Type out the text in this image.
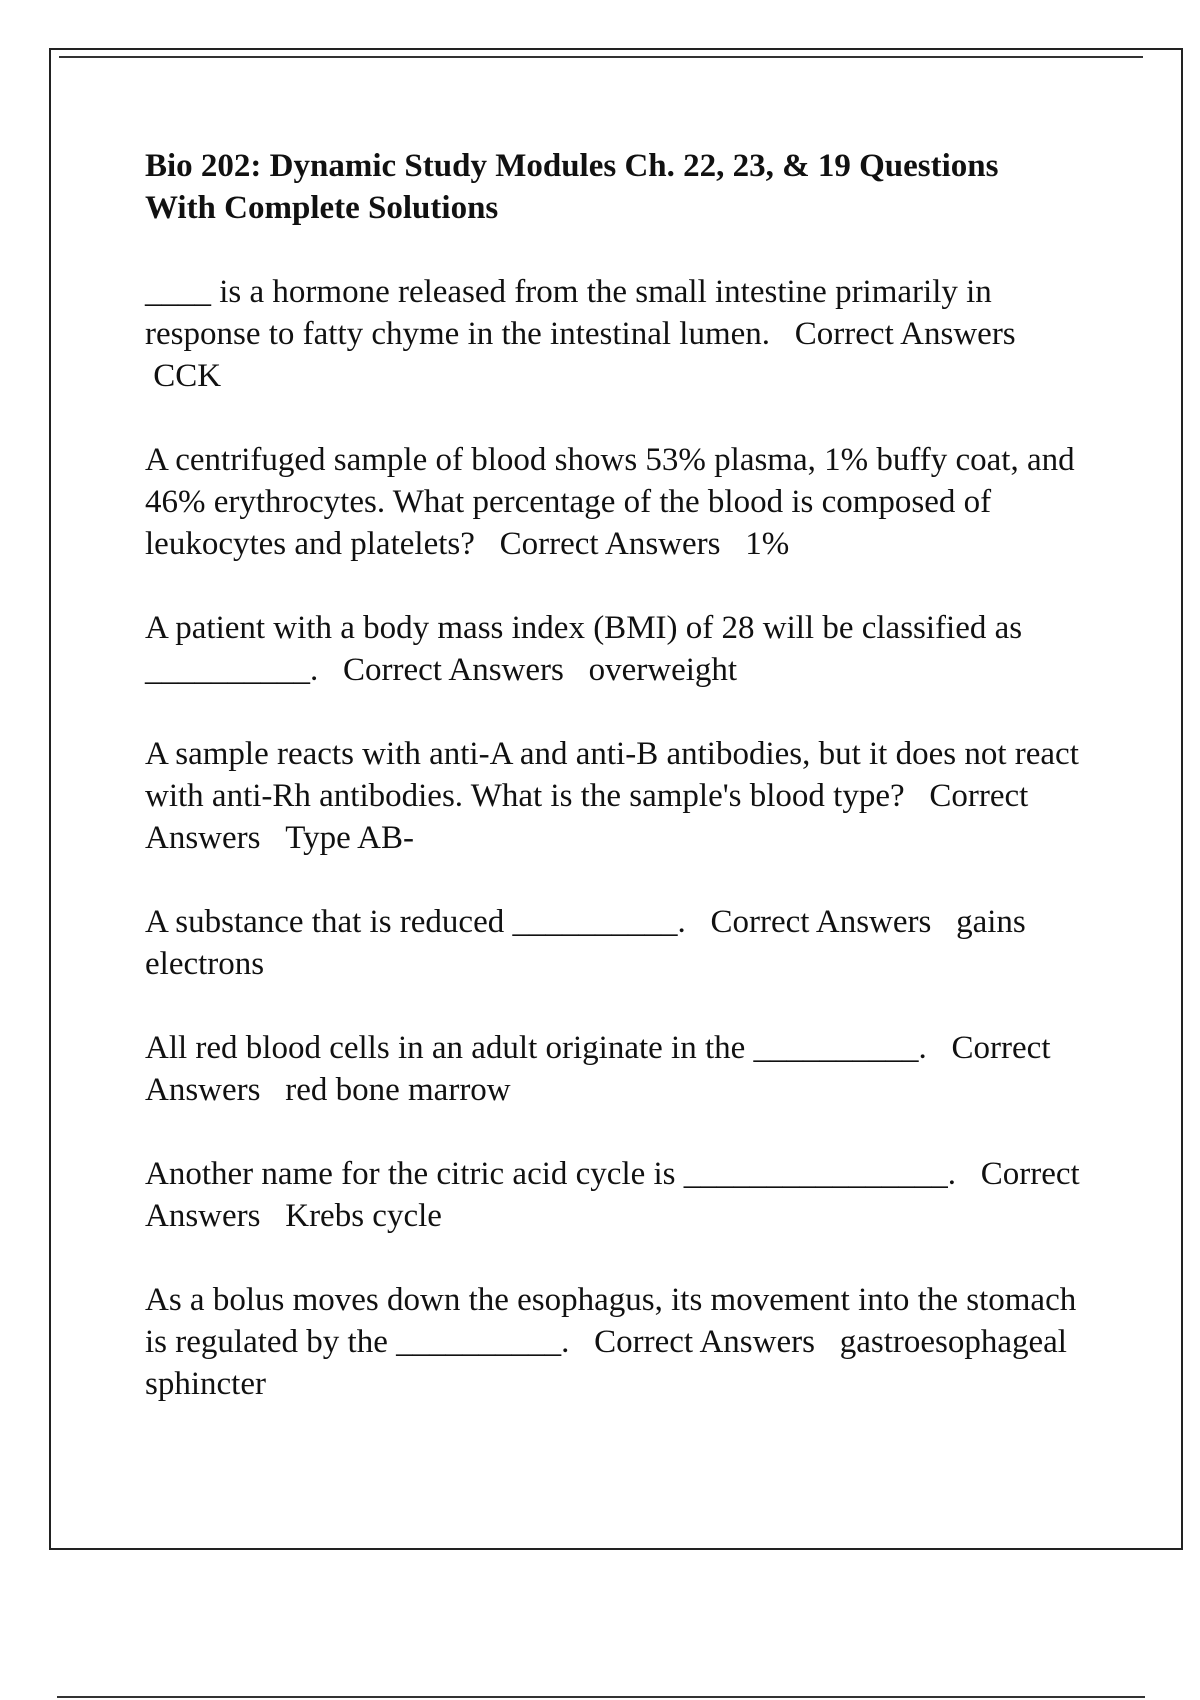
Bio 202: Dynamic Study Modules Ch. 22, 23, & 19 Questions
With Complete Solutions

____ is a hormone released from the small intestine primarily in response to fatty chyme in the intestinal lumen. Correct Answers  CCK

A centrifuged sample of blood shows 53% plasma, 1% buffy coat, and 46% erythrocytes. What percentage of the blood is composed of leukocytes and platelets? Correct Answers 1%

A patient with a body mass index (BMI) of 28 will be classified as __________. Correct Answers overweight

A sample reacts with anti-A and anti-B antibodies, but it does not react with anti-Rh antibodies. What is the sample's blood type? Correct Answers Type AB-

A substance that is reduced __________. Correct Answers gains electrons

All red blood cells in an adult originate in the __________. Correct Answers red bone marrow

Another name for the citric acid cycle is ________________. Correct Answers Krebs cycle

As a bolus moves down the esophagus, its movement into the stomach is regulated by the __________. Correct Answers gastroesophageal sphincter
